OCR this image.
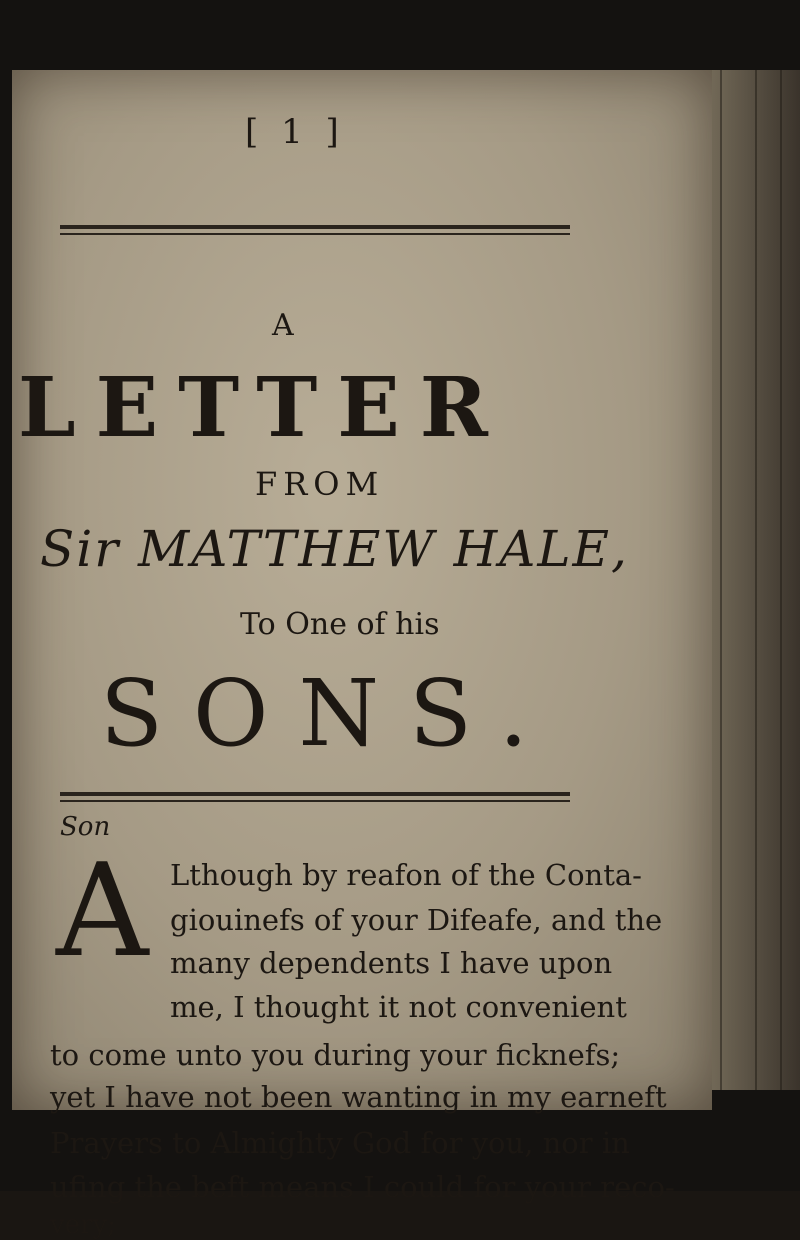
[ 1 ]
A
LETTER
FROM
Sir MATTHEW HALE,
To One of his
SONS.
Son
A Lthough by reafon of the Conta-
giouinefs of your Difeafe, and the
many dependents I have upon
me, I thought it not convenient
to come unto you during your ficknefs;
yet I have not been wanting in my earneft
Prayers to Almighty God for you, nor in
ufing the beft means I could for your reco-
very;
